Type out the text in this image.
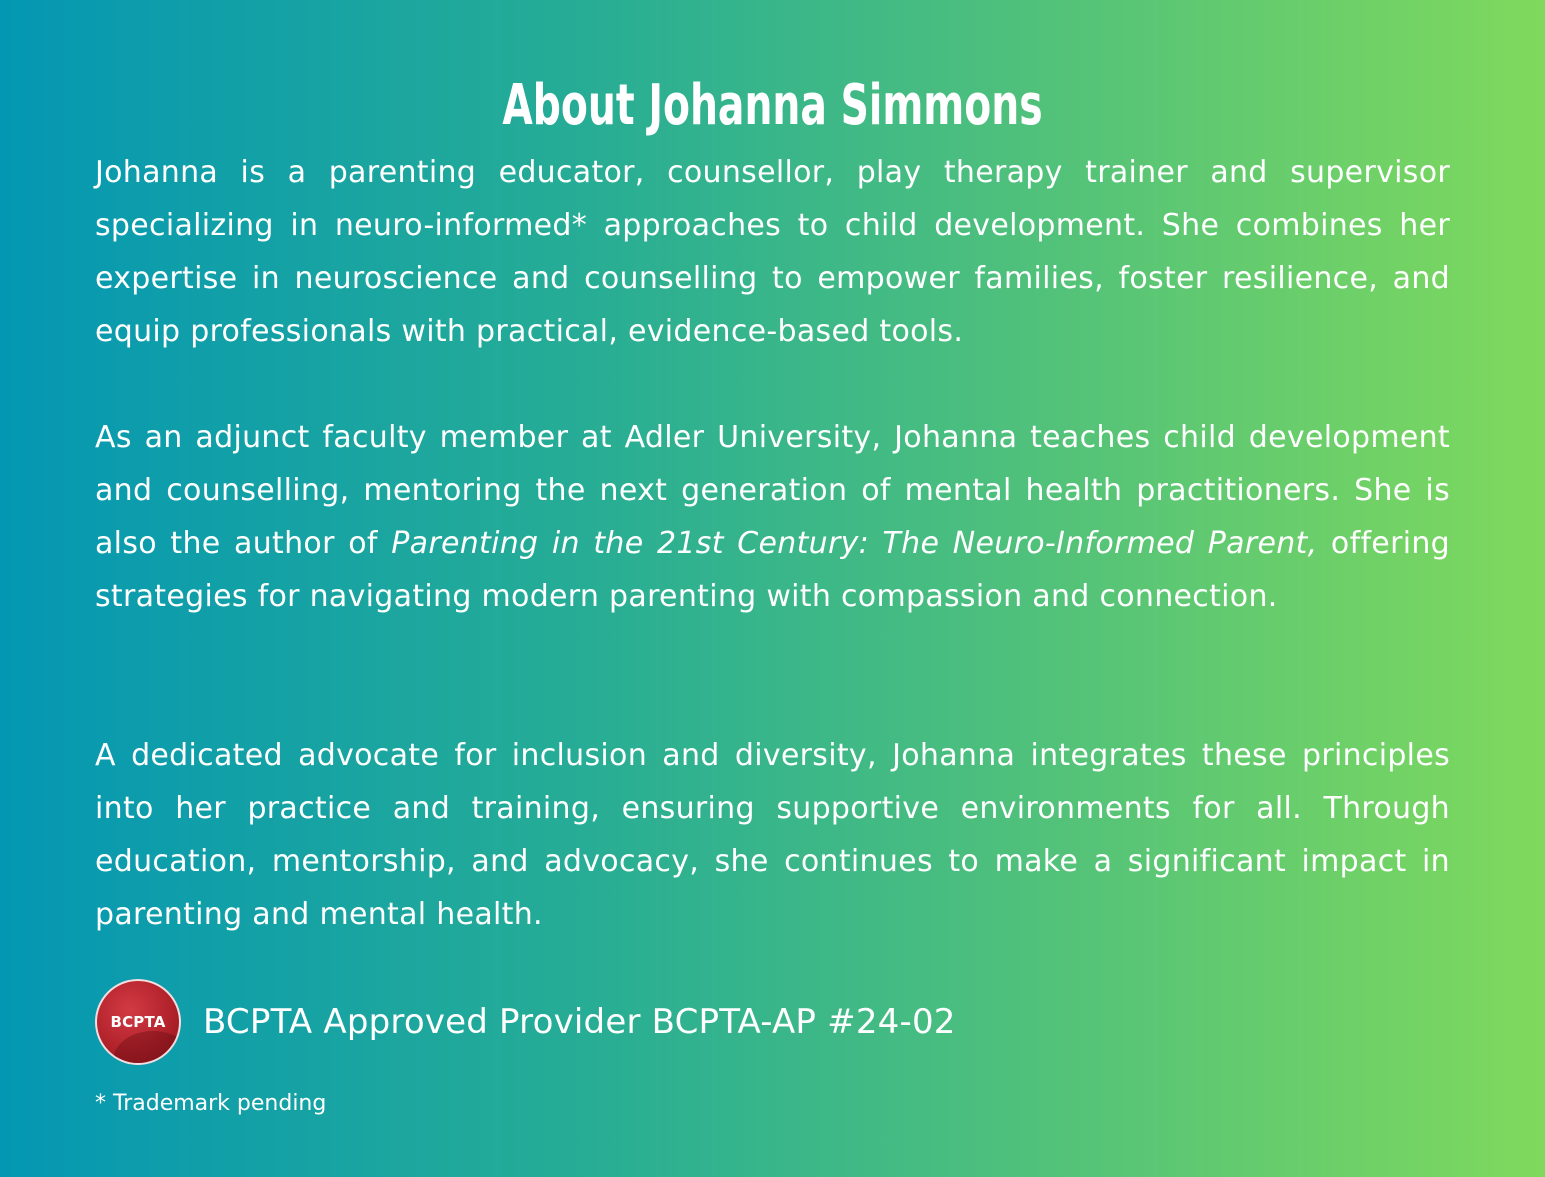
About Johanna Simmons

Johanna is a parenting educator, counsellor, play therapy trainer and supervisor specializing in neuro-informed* approaches to child development. She combines her expertise in neuroscience and counselling to empower families, foster resilience, and equip professionals with practical, evidence-based tools.

As an adjunct faculty member at Adler University, Johanna teaches child development and counselling, mentoring the next generation of mental health practitioners. She is also the author of Parenting in the 21st Century: The Neuro-Informed Parent, offering strategies for navigating modern parenting with compassion and connection.

A dedicated advocate for inclusion and diversity, Johanna integrates these principles into her practice and training, ensuring supportive environments for all. Through education, mentorship, and advocacy, she continues to make a significant impact in parenting and mental health.

BCPTA BCPTA Approved Provider BCPTA-AP #24-02
* Trademark pending
